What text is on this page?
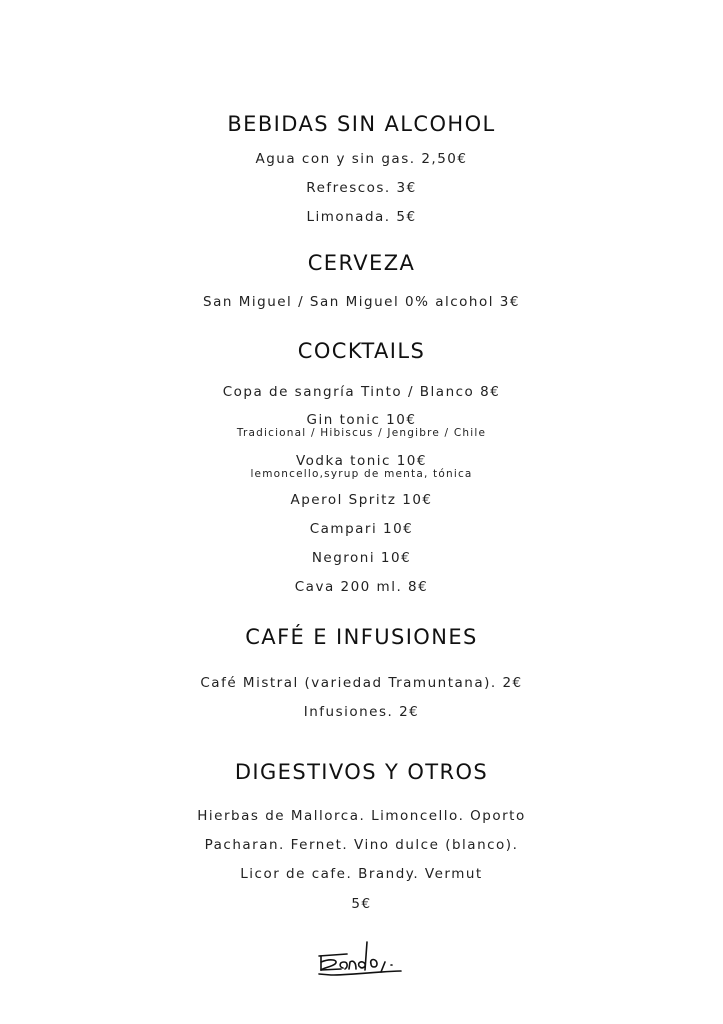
BEBIDAS SIN ALCOHOL
Agua con y sin gas. 2,50€
Refrescos. 3€
Limonada. 5€
CERVEZA
San Miguel / San Miguel 0% alcohol 3€
COCKTAILS
Copa de sangría Tinto / Blanco 8€
Gin tonic 10€
Tradicional / Hibiscus / Jengibre / Chile
Vodka tonic 10€
lemoncello,syrup de menta, tónica
Aperol Spritz 10€
Campari 10€
Negroni 10€
Cava 200 ml. 8€
CAFÉ E INFUSIONES
Café Mistral (variedad Tramuntana). 2€
Infusiones. 2€
DIGESTIVOS Y OTROS
Hierbas de Mallorca. Limoncello. Oporto
Pacharan. Fernet. Vino dulce (blanco).
Licor de cafe. Brandy. Vermut
5€
